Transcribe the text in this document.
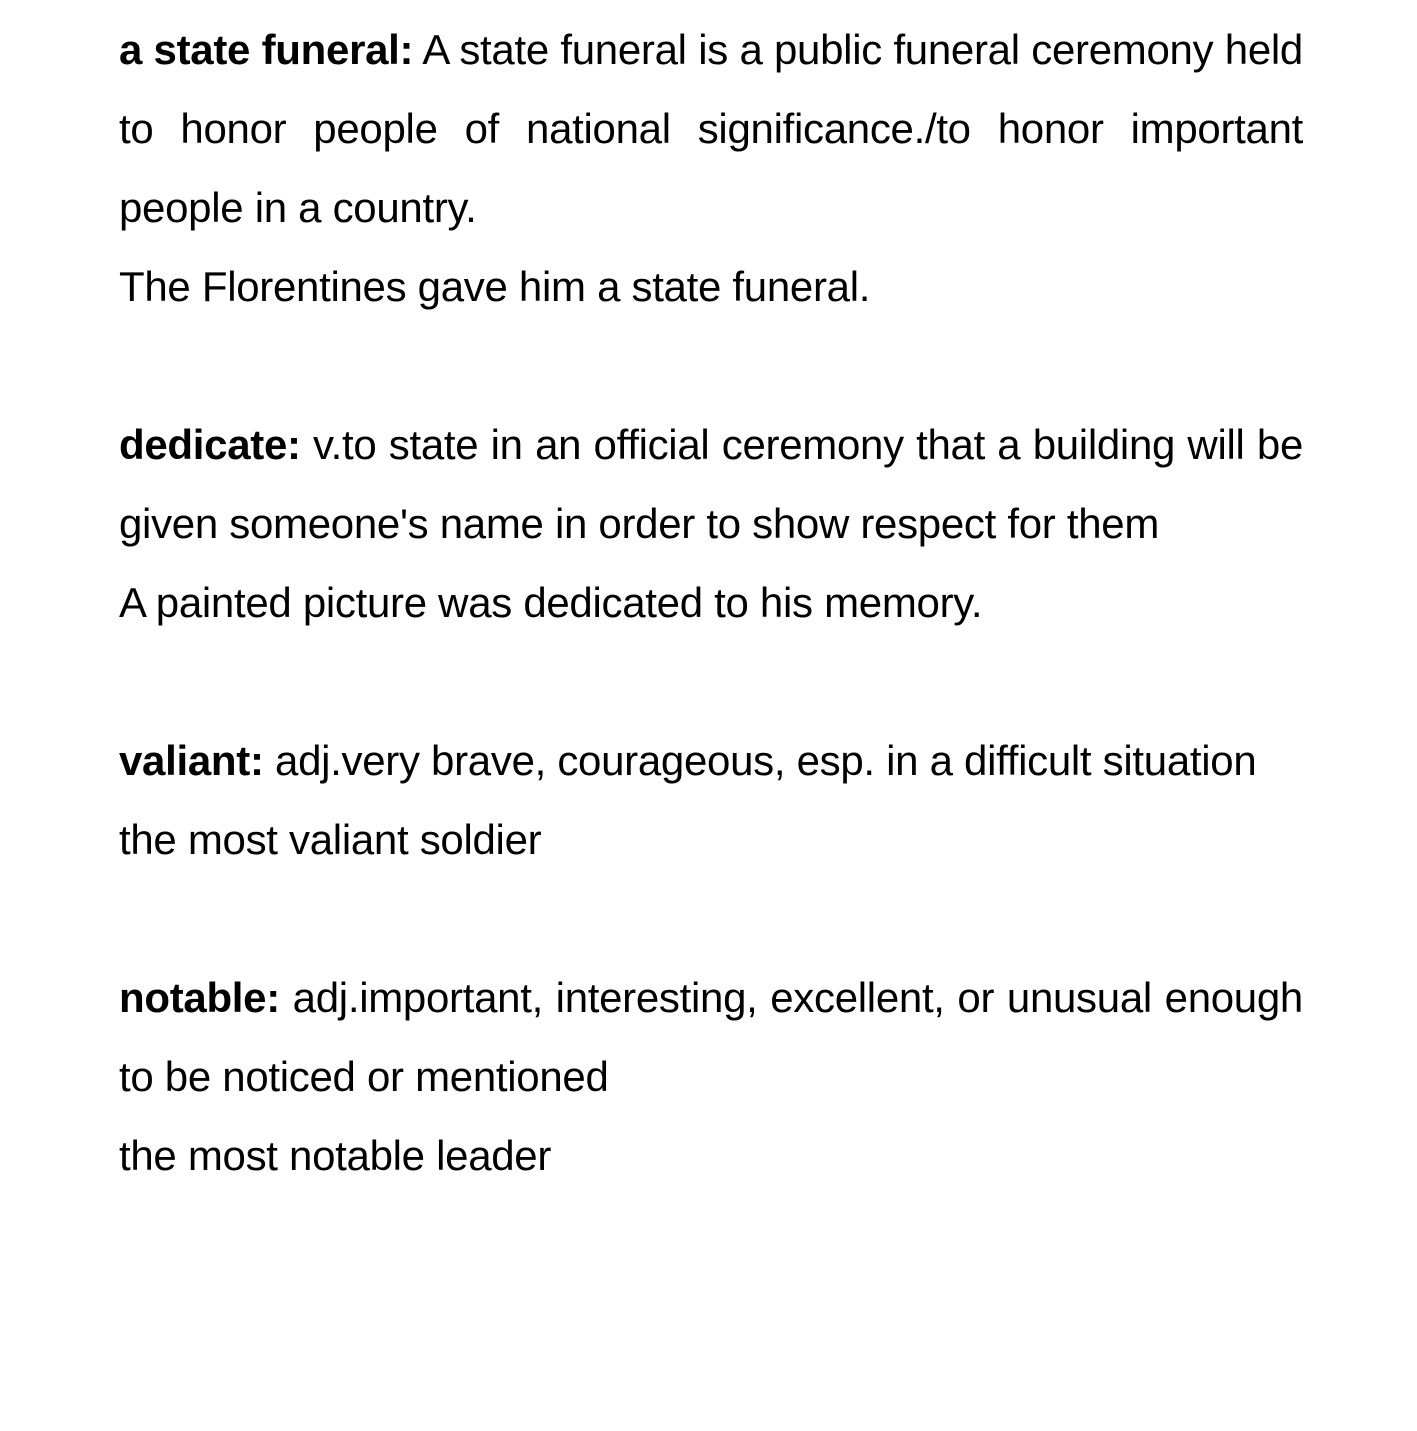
a state funeral: A state funeral is a public funeral ceremony held to honor people of national significance./to honor important people in a country.

The Florentines gave him a state funeral.

dedicate: v.to state in an official ceremony that a building will be given someone's name in order to show respect for them

A painted picture was dedicated to his memory.

valiant: adj.very brave, courageous, esp. in a difficult situation

the most valiant soldier

notable: adj.important, interesting, excellent, or unusual enough to be noticed or mentioned

the most notable leader
